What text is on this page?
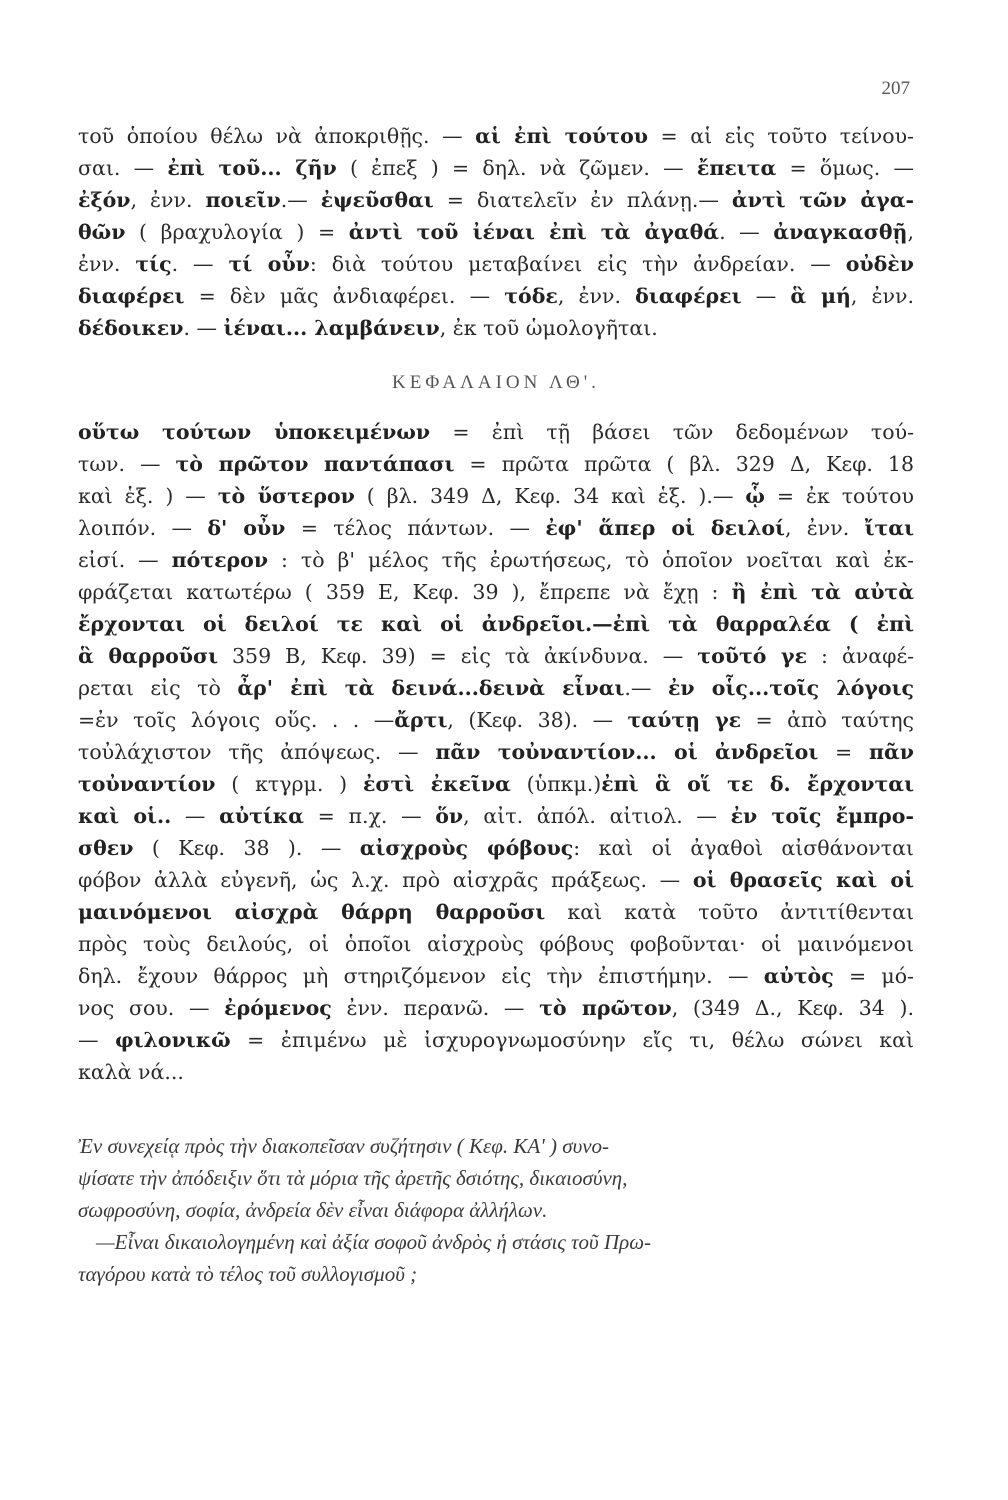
207
τοῦ ὁποίου θέλω νὰ ἀποκριθῇς. — αἱ ἐπὶ τούτου = αἱ εἰς τοῦτο τείνου-
σαι. — ἐπὶ τοῦ... ζῆν ( ἐπεξ ) = δηλ. νὰ ζῶμεν. — ἔπειτα = ὅμως. —
ἐξόν, ἐνν. ποιεῖν.— ἐψεῦσθαι = διατελεῖν ἐν πλάνῃ.— ἀντὶ τῶν ἀγα-
θῶν ( βραχυλογία ) = ἀντὶ τοῦ ἰέναι ἐπὶ τὰ ἀγαθά. — ἀναγκασθῇ,
ἐνν. τίς. — τί οὖν: διὰ τούτου μεταβαίνει εἰς τὴν ἀνδρείαν. — οὐδὲν
διαφέρει = δὲν μᾶς ἀνδιαφέρει. — τόδε, ἐνν. διαφέρει — ἃ μή, ἐνν.
δέδοικεν. — ἰέναι... λαμβάνειν, ἐκ τοῦ ὡμολογῆται.
ΚΕΦΑΛΑΙΟΝ ΛΘ'.
οὕτω τούτων ὑποκειμένων = ἐπὶ τῇ βάσει τῶν δεδομένων τού-
των. — τὸ πρῶτον παντάπασι = πρῶτα πρῶτα ( βλ. 329 Δ, Κεφ. 18
καὶ ἑξ. ) — τὸ ὕστερον ( βλ. 349 Δ, Κεφ. 34 καὶ ἑξ. ).— ᾧ = ἐκ τούτου
λοιπόν. — δ' οὖν = τέλος πάντων. — ἐφ' ἅπερ οἱ δειλοί, ἐνν. ἴται
εἰσί. — πότερον : τὸ β' μέλος τῆς ἐρωτήσεως, τὸ ὁποῖον νοεῖται καὶ ἐκ-
φράζεται κατωτέρω ( 359 Ε, Κεφ. 39 ), ἔπρεπε νὰ ἔχῃ : ἢ ἐπὶ τὰ αὐτὰ
ἔρχονται οἱ δειλοί τε καὶ οἱ ἀνδρεῖοι.—ἐπὶ τὰ θαρραλέα ( ἐπὶ
ἃ θαρροῦσι 359 Β, Κεφ. 39) = εἰς τὰ ἀκίνδυνα. — τοῦτό γε : ἀναφέ-
ρεται εἰς τὸ ἆρ' ἐπὶ τὰ δεινά...δεινὰ εἶναι.— ἐν οἷς...τοῖς λόγοις
=ἐν τοῖς λόγοις οὕς. . . —ἄρτι, (Κεφ. 38). — ταύτῃ γε = ἀπὸ ταύτης
τοὐλάχιστον τῆς ἀπόψεως. — πᾶν τοὐναντίον... οἱ ἀνδρεῖοι = πᾶν
τοὐναντίον ( κτγρμ. ) ἐστὶ ἐκεῖνα (ὑπκμ.)ἐπὶ ἃ οἵ τε δ. ἔρχονται
καὶ οἱ.. — αὐτίκα = π.χ. — ὅν, αἰτ. ἀπόλ. αἰτιολ. — ἐν τοῖς ἔμπρο-
σθεν ( Κεφ. 38 ). — αἰσχροὺς φόβους: καὶ οἱ ἀγαθοὶ αἰσθάνονται
φόβον ἀλλὰ εὐγενῆ, ὡς λ.χ. πρὸ αἰσχρᾶς πράξεως. — οἱ θρασεῖς καὶ οἱ
μαινόμενοι αἰσχρὰ θάρρη θαρροῦσι καὶ κατὰ τοῦτο ἀντιτίθενται
πρὸς τοὺς δειλούς, οἱ ὁποῖοι αἰσχροὺς φόβους φοβοῦνται· οἱ μαινόμενοι
δηλ. ἔχουν θάρρος μὴ στηριζόμενον εἰς τὴν ἐπιστήμην. — αὐτὸς = μό-
νος σου. — ἐρόμενος ἐνν. περανῶ. — τὸ πρῶτον, (349 Δ., Κεφ. 34 ).
— φιλονικῶ = ἐπιμένω μὲ ἰσχυρογνωμοσύνην εἴς τι, θέλω σώνει καὶ
καλὰ νά...
Ἐν συνεχείᾳ πρὸς τὴν διακοπεῖσαν συζήτησιν ( Κεφ. ΚΑ' ) συνο-
ψίσατε τὴν ἀπόδειξιν ὅτι τὰ μόρια τῆς ἀρετῆς δσιότης, δικαιοσύνη,
σωφροσύνη, σοφία, ἀνδρεία δὲν εἶναι διάφορα ἀλλήλων.
—Εἶναι δικαιολογημένη καὶ ἀξία σοφοῦ ἀνδρὸς ἡ στάσις τοῦ Πρω-
ταγόρου κατὰ τὸ τέλος τοῦ συλλογισμοῦ ;
